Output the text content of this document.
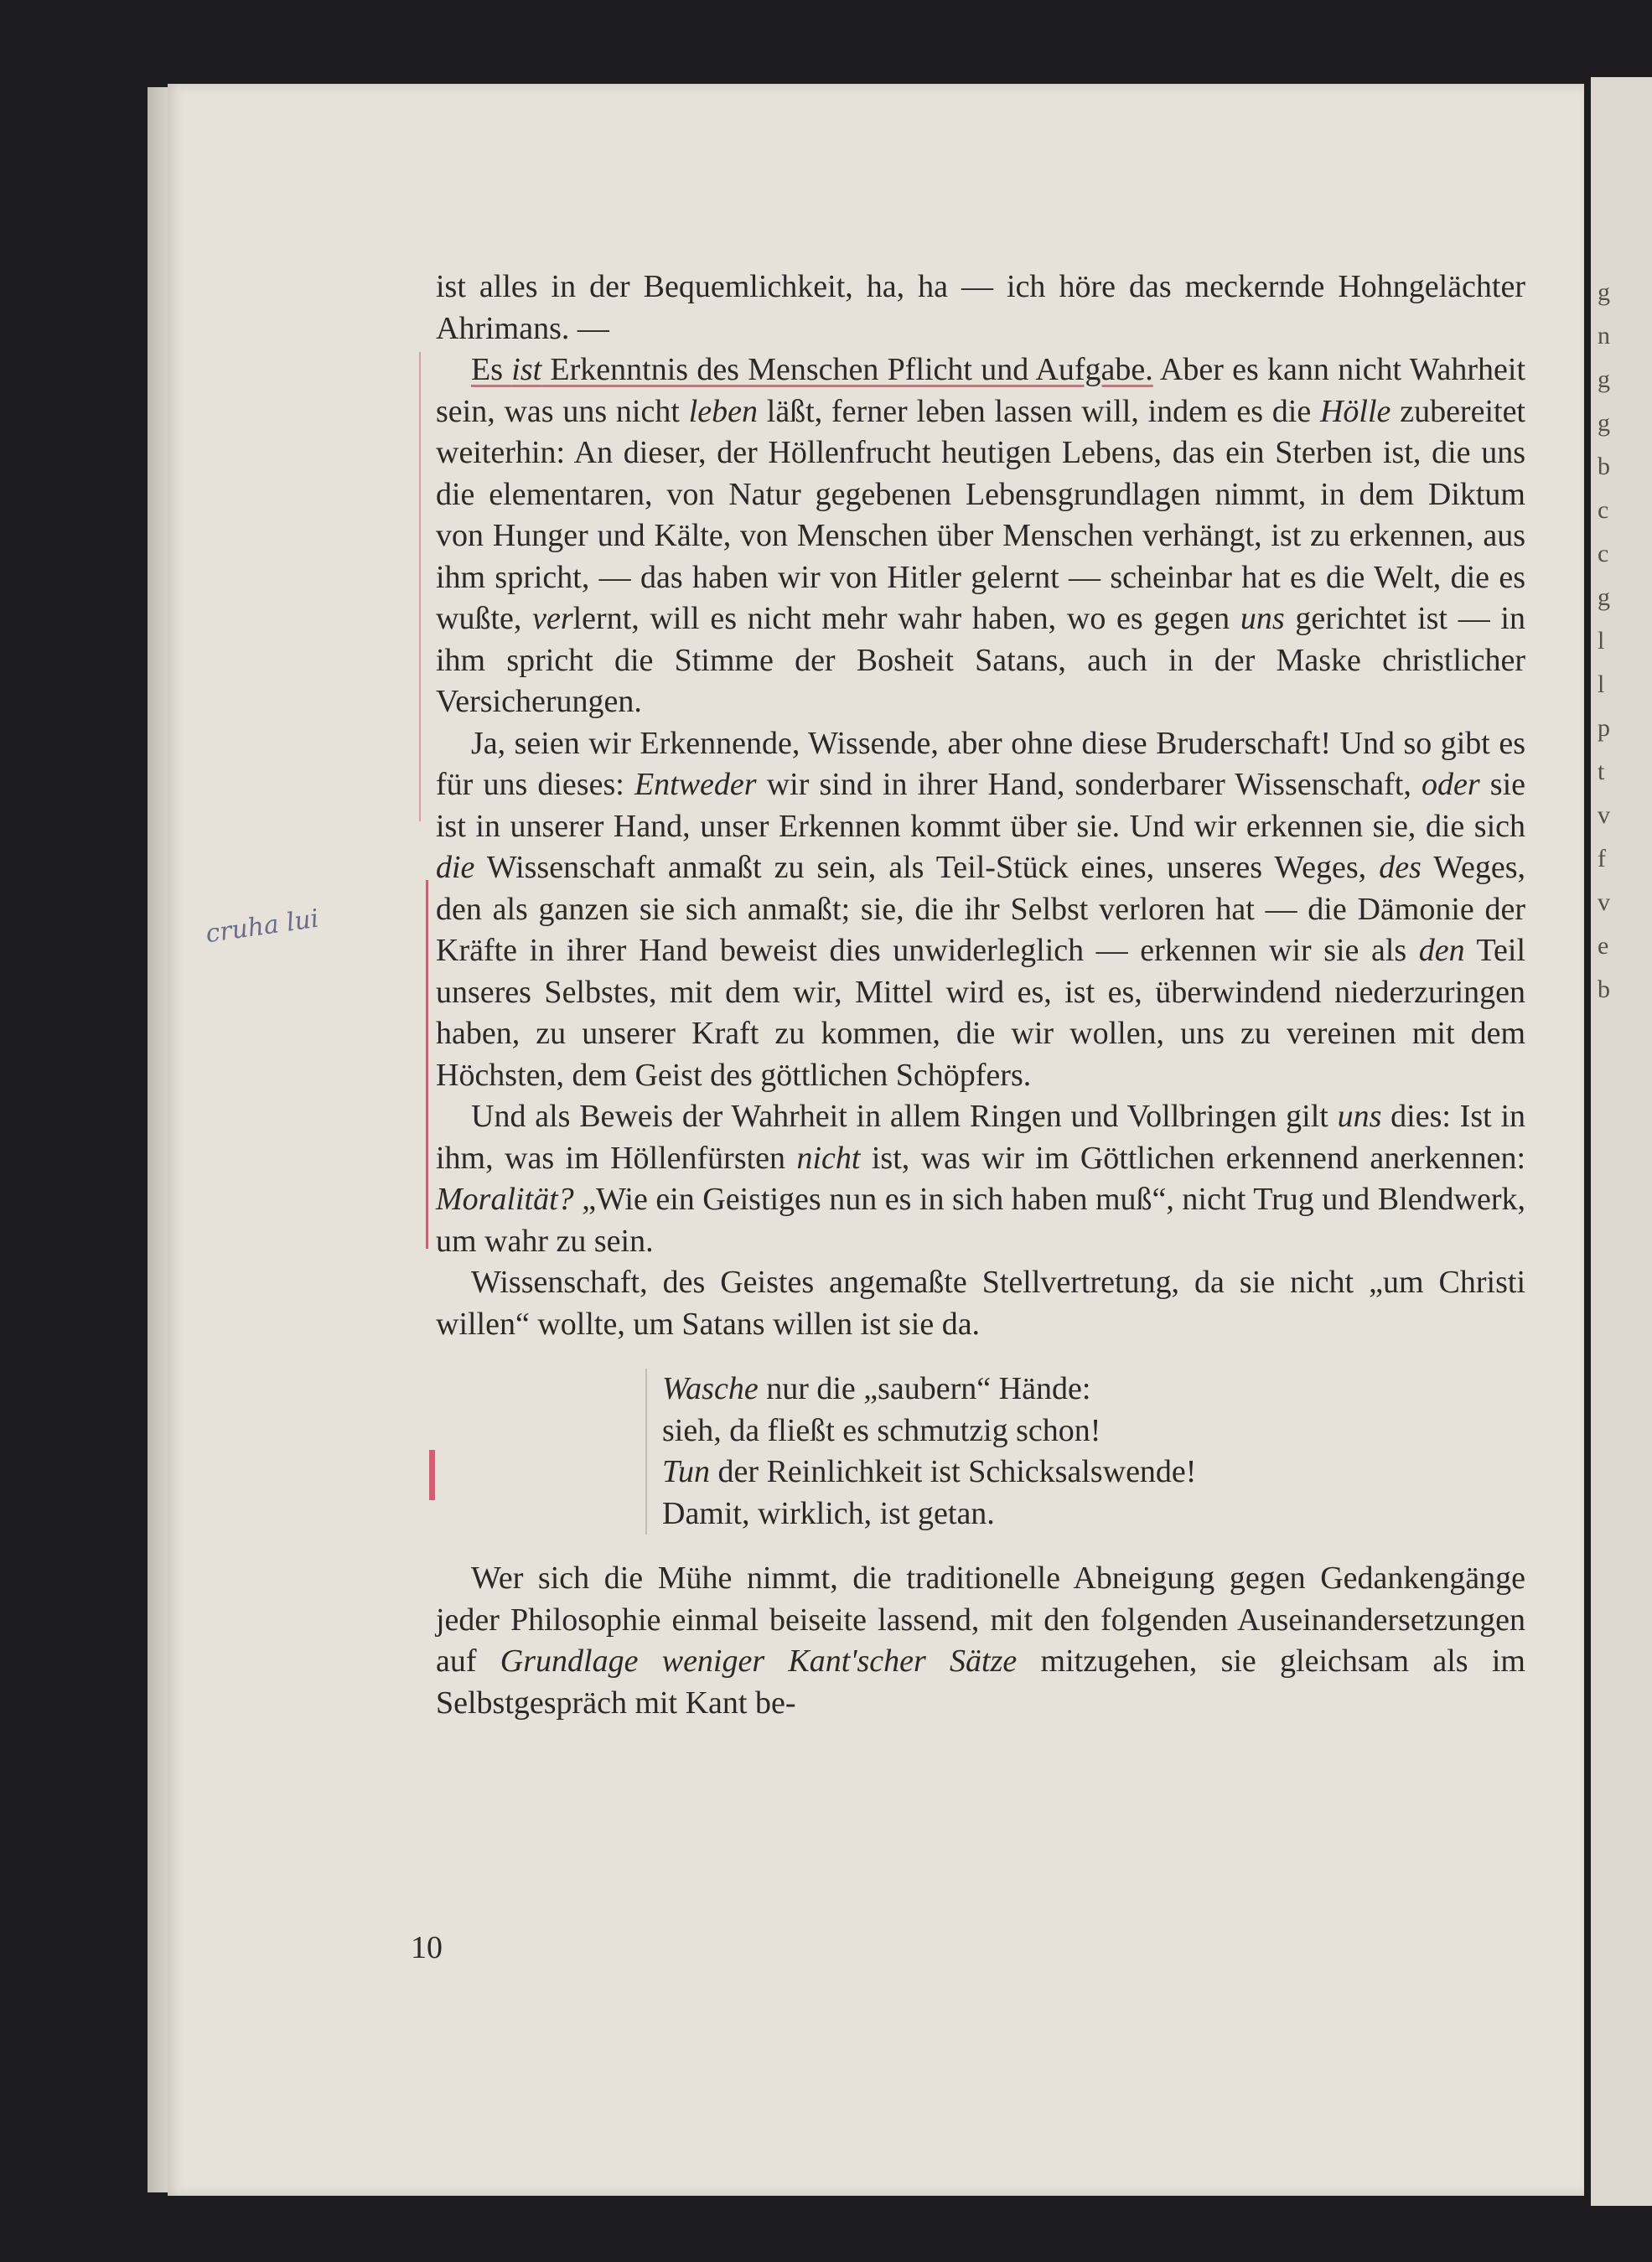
g
n
g
g
b
c
c
g
l
l
p
t
v
f
v
e
b
cruha lui

ist alles in der Bequemlichkeit, ha, ha — ich höre das meckernde Hohngelächter Ahrimans. —

Es ist Erkenntnis des Menschen Pflicht und Aufgabe. Aber es kann nicht Wahrheit sein, was uns nicht leben läßt, ferner leben lassen will, indem es die Hölle zubereitet weiterhin: An dieser, der Höllenfrucht heutigen Lebens, das ein Sterben ist, die uns die elementaren, von Natur gegebenen Lebensgrundlagen nimmt, in dem Diktum von Hunger und Kälte, von Menschen über Menschen verhängt, ist zu erkennen, aus ihm spricht, — das haben wir von Hitler gelernt — scheinbar hat es die Welt, die es wußte, verlernt, will es nicht mehr wahr haben, wo es gegen uns gerichtet ist — in ihm spricht die Stimme der Bosheit Satans, auch in der Maske christlicher Versicherungen.

Ja, seien wir Erkennende, Wissende, aber ohne diese Bruderschaft! Und so gibt es für uns dieses: Entweder wir sind in ihrer Hand, sonderbarer Wissenschaft, oder sie ist in unserer Hand, unser Erkennen kommt über sie. Und wir erkennen sie, die sich die Wissenschaft anmaßt zu sein, als Teil-Stück eines, unseres Weges, des Weges, den als ganzen sie sich anmaßt; sie, die ihr Selbst verloren hat — die Dämonie der Kräfte in ihrer Hand beweist dies unwiderleglich — erkennen wir sie als den Teil unseres Selbstes, mit dem wir, Mittel wird es, ist es, überwindend niederzuringen haben, zu unserer Kraft zu kommen, die wir wollen, uns zu vereinen mit dem Höchsten, dem Geist des göttlichen Schöpfers.

Und als Beweis der Wahrheit in allem Ringen und Vollbringen gilt uns dies: Ist in ihm, was im Höllenfürsten nicht ist, was wir im Göttlichen erkennend anerkennen: Moralität? „Wie ein Geistiges nun es in sich haben muß“, nicht Trug und Blendwerk, um wahr zu sein.

Wissenschaft, des Geistes angemaßte Stellvertretung, da sie nicht „um Christi willen“ wollte, um Satans willen ist sie da.

Wasche nur die „saubern“ Hände:
sieh, da fließt es schmutzig schon!
Tun der Reinlichkeit ist Schicksalswende!
Damit, wirklich, ist getan.

Wer sich die Mühe nimmt, die traditionelle Abneigung gegen Gedankengänge jeder Philosophie einmal beiseite lassend, mit den folgenden Auseinandersetzungen auf Grundlage weniger Kant'scher Sätze mitzugehen, sie gleichsam als im Selbstgespräch mit Kant be-

10
